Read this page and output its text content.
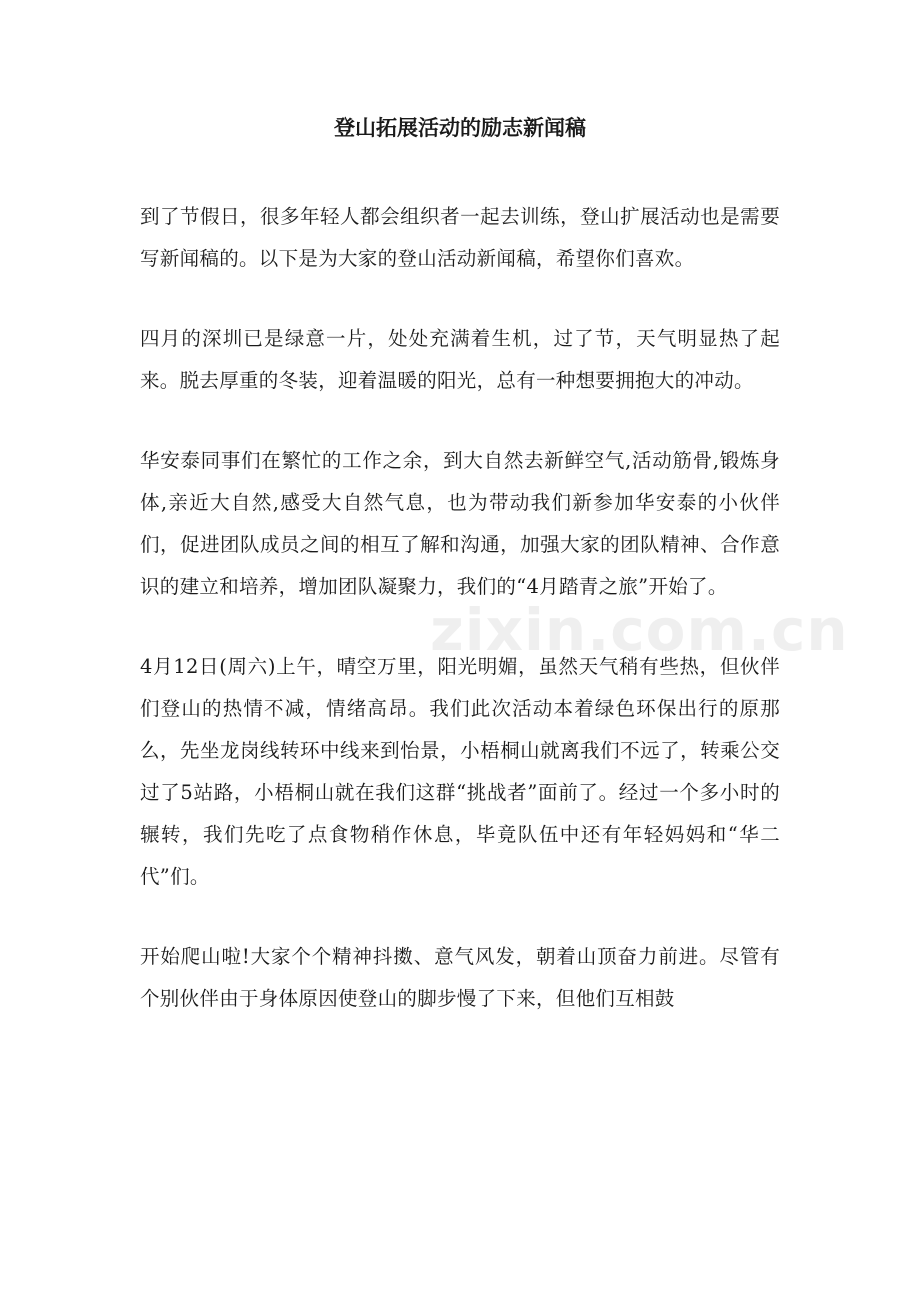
登山拓展活动的励志新闻稿

到了节假日，很多年轻人都会组织者一起去训练，登山扩展活动也是需要写新闻稿的。以下是为大家的登山活动新闻稿，希望你们喜欢。

四月的深圳已是绿意一片，处处充满着生机，过了节，天气明显热了起来。脱去厚重的冬装，迎着温暖的阳光，总有一种想要拥抱大的冲动。

华安泰同事们在繁忙的工作之余，到大自然去新鲜空气,活动筋骨,锻炼身体,亲近大自然,感受大自然气息，也为带动我们新参加华安泰的小伙伴们，促进团队成员之间的相互了解和沟通，加强大家的团队精神、合作意识的建立和培养，增加团队凝聚力，我们的“4月踏青之旅”开始了。

4月12日(周六)上午，晴空万里，阳光明媚，虽然天气稍有些热，但伙伴们登山的热情不减，情绪高昂。我们此次活动本着绿色环保出行的原那么，先坐龙岗线转环中线来到怡景，小梧桐山就离我们不远了，转乘公交过了5站路，小梧桐山就在我们这群“挑战者”面前了。经过一个多小时的辗转，我们先吃了点食物稍作休息，毕竟队伍中还有年轻妈妈和“华二代”们。

开始爬山啦!大家个个精神抖擞、意气风发，朝着山顶奋力前进。尽管有个别伙伴由于身体原因使登山的脚步慢了下来，但他们互相鼓

zixin.com.cn
